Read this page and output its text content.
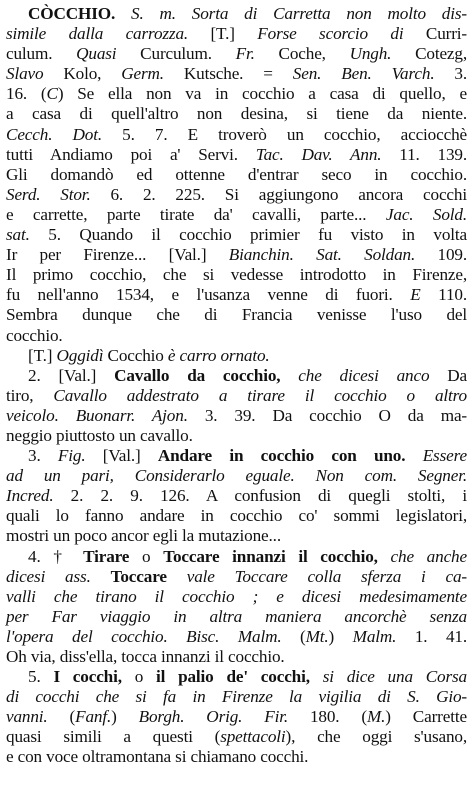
CÒCCHIO. S. m. Sorta di Carretta non molto dis-
simile dalla carrozza. [T.] Forse scorcio di Curri-
culum. Quasi Curculum. Fr. Coche, Ungh. Cotezg,
Slavo Kolo, Germ. Kutsche. = Sen. Ben. Varch. 3.
16. (C) Se ella non va in cocchio a casa di quello, e
a casa di quell'altro non desina, si tiene da niente.
Cecch. Dot. 5. 7. E troverò un cocchio, acciocchè
tutti Andiamo poi a' Servi. Tac. Dav. Ann. 11. 139.
Gli domandò ed ottenne d'entrar seco in cocchio.
Serd. Stor. 6. 2. 225. Si aggiungono ancora cocchi
e carrette, parte tirate da' cavalli, parte... Jac. Sold.
sat. 5. Quando il cocchio primier fu visto in volta
Ir per Firenze... [Val.] Bianchin. Sat. Soldan. 109.
Il primo cocchio, che si vedesse introdotto in Firenze,
fu nell'anno 1534, e l'usanza venne di fuori. E 110.
Sembra dunque che di Francia venisse l'uso del
cocchio.
[T.] Oggidì Cocchio è carro ornato.
2. [Val.] Cavallo da cocchio, che dicesi anco Da
tiro, Cavallo addestrato a tirare il cocchio o altro
veicolo. Buonarr. Ajon. 3. 39. Da cocchio O da ma-
neggio piuttosto un cavallo.
3. Fig. [Val.] Andare in cocchio con uno. Essere
ad un pari, Considerarlo eguale. Non com. Segner.
Incred. 2. 2. 9. 126. A confusion di quegli stolti, i
quali lo fanno andare in cocchio co' sommi legislatori,
mostri un poco ancor egli la mutazione...
4. † Tirare o Toccare innanzi il cocchio, che anche
dicesi ass. Toccare vale Toccare colla sferza i ca-
valli che tirano il cocchio ; e dicesi medesimamente
per Far viaggio in altra maniera ancorchè senza
l'opera del cocchio. Bisc. Malm. (Mt.) Malm. 1. 41.
Oh via, diss'ella, tocca innanzi il cocchio.
5. I cocchi, o il palio de' cocchi, si dice una Corsa
di cocchi che si fa in Firenze la vigilia di S. Gio-
vanni. (Fanf.) Borgh. Orig. Fir. 180. (M.) Carrette
quasi simili a questi (spettacoli), che oggi s'usano,
e con voce oltramontana si chiamano cocchi.
